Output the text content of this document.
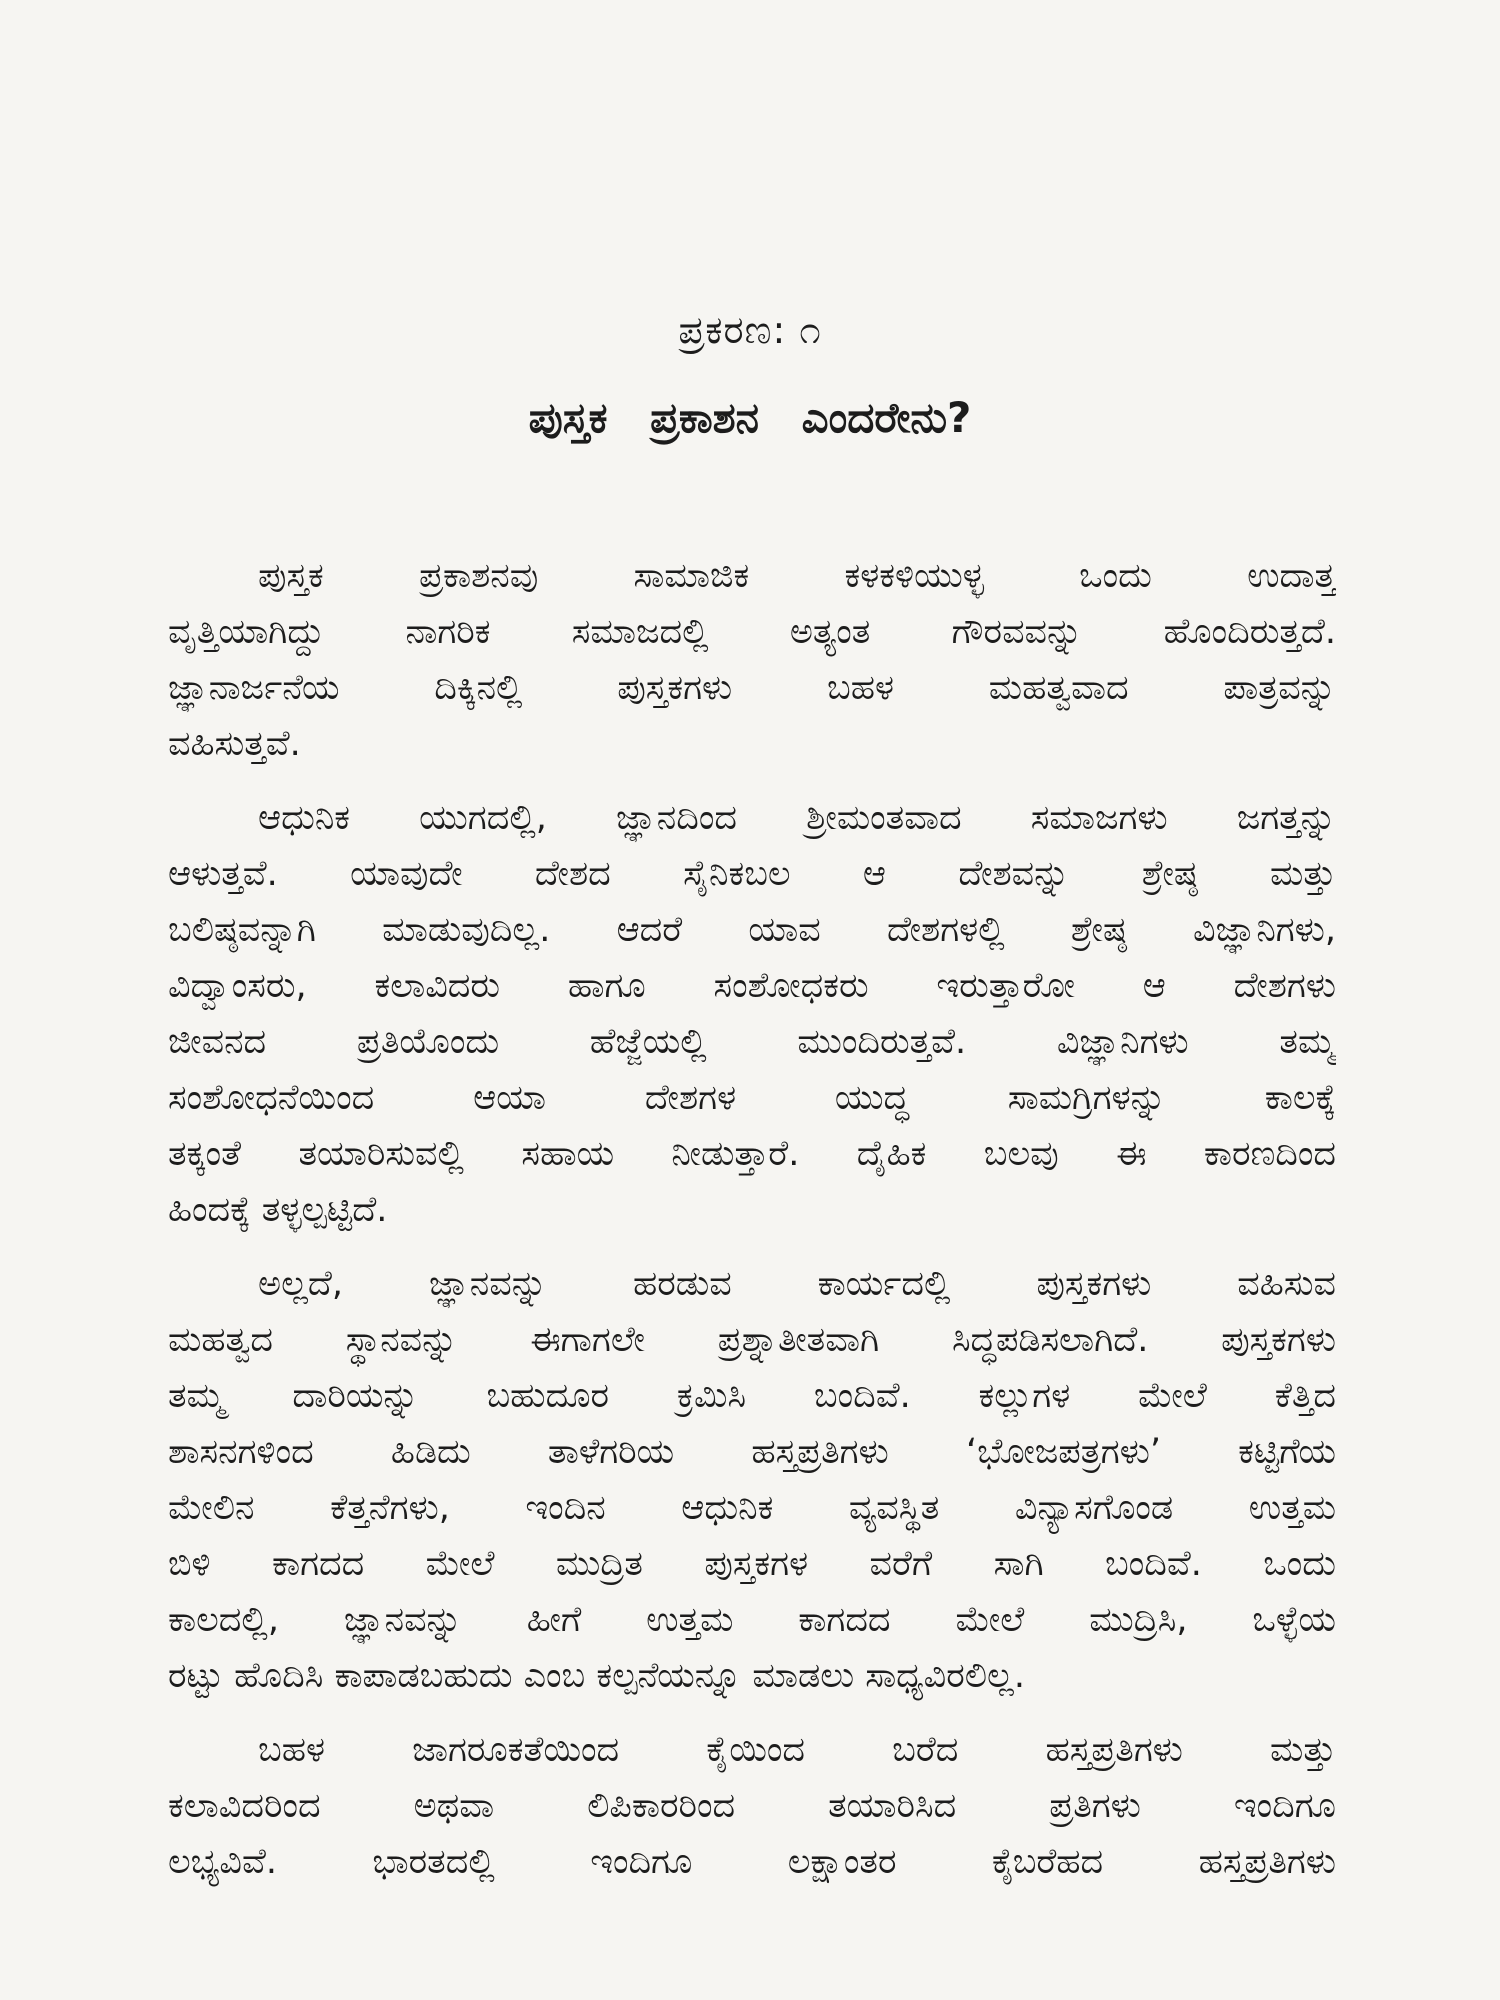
ಪ್ರಕರಣ: ೧
ಪುಸ್ತಕ ಪ್ರಕಾಶನ ಎಂದರೇನು?
ಪುಸ್ತಕ ಪ್ರಕಾಶನವು ಸಾಮಾಜಿಕ ಕಳಕಳಿಯುಳ್ಳ ಒಂದು ಉದಾತ್ತ
ವೃತ್ತಿಯಾಗಿದ್ದು ನಾಗರಿಕ ಸಮಾಜದಲ್ಲಿ ಅತ್ಯಂತ ಗೌರವವನ್ನು ಹೊಂದಿರುತ್ತದೆ.
ಜ್ಞಾನಾರ್ಜನೆಯ ದಿಕ್ಕಿನಲ್ಲಿ ಪುಸ್ತಕಗಳು ಬಹಳ ಮಹತ್ವವಾದ ಪಾತ್ರವನ್ನು
ವಹಿಸುತ್ತವೆ.
ಆಧುನಿಕ ಯುಗದಲ್ಲಿ, ಜ್ಞಾನದಿಂದ ಶ್ರೀಮಂತವಾದ ಸಮಾಜಗಳು ಜಗತ್ತನ್ನು
ಆಳುತ್ತವೆ. ಯಾವುದೇ ದೇಶದ ಸೈನಿಕಬಲ ಆ ದೇಶವನ್ನು ಶ್ರೇಷ್ಠ ಮತ್ತು
ಬಲಿಷ್ಠವನ್ನಾಗಿ ಮಾಡುವುದಿಲ್ಲ. ಆದರೆ ಯಾವ ದೇಶಗಳಲ್ಲಿ ಶ್ರೇಷ್ಠ ವಿಜ್ಞಾನಿಗಳು,
ವಿದ್ವಾಂಸರು, ಕಲಾವಿದರು ಹಾಗೂ ಸಂಶೋಧಕರು ಇರುತ್ತಾರೋ ಆ ದೇಶಗಳು
ಜೀವನದ ಪ್ರತಿಯೊಂದು ಹೆಜ್ಜೆಯಲ್ಲಿ ಮುಂದಿರುತ್ತವೆ. ವಿಜ್ಞಾನಿಗಳು ತಮ್ಮ
ಸಂಶೋಧನೆಯಿಂದ ಆಯಾ ದೇಶಗಳ ಯುದ್ಧ ಸಾಮಗ್ರಿಗಳನ್ನು ಕಾಲಕ್ಕೆ
ತಕ್ಕಂತೆ ತಯಾರಿಸುವಲ್ಲಿ ಸಹಾಯ ನೀಡುತ್ತಾರೆ. ದೈಹಿಕ ಬಲವು ಈ ಕಾರಣದಿಂದ
ಹಿಂದಕ್ಕೆ ತಳ್ಳಲ್ಪಟ್ಟಿದೆ.
ಅಲ್ಲದೆ, ಜ್ಞಾನವನ್ನು ಹರಡುವ ಕಾರ್ಯದಲ್ಲಿ ಪುಸ್ತಕಗಳು ವಹಿಸುವ
ಮಹತ್ವದ ಸ್ಥಾನವನ್ನು ಈಗಾಗಲೇ ಪ್ರಶ್ನಾತೀತವಾಗಿ ಸಿದ್ಧಪಡಿಸಲಾಗಿದೆ. ಪುಸ್ತಕಗಳು
ತಮ್ಮ ದಾರಿಯನ್ನು ಬಹುದೂರ ಕ್ರಮಿಸಿ ಬಂದಿವೆ. ಕಲ್ಲುಗಳ ಮೇಲೆ ಕೆತ್ತಿದ
ಶಾಸನಗಳಿಂದ ಹಿಡಿದು ತಾಳೆಗರಿಯ ಹಸ್ತಪ್ರತಿಗಳು ‘ಭೋಜಪತ್ರಗಳು’ ಕಟ್ಟಿಗೆಯ
ಮೇಲಿನ ಕೆತ್ತನೆಗಳು, ಇಂದಿನ ಆಧುನಿಕ ವ್ಯವಸ್ಥಿತ ವಿನ್ಯಾಸಗೊಂಡ ಉತ್ತಮ
ಬಿಳಿ ಕಾಗದದ ಮೇಲೆ ಮುದ್ರಿತ ಪುಸ್ತಕಗಳ ವರೆಗೆ ಸಾಗಿ ಬಂದಿವೆ. ಒಂದು
ಕಾಲದಲ್ಲಿ, ಜ್ಞಾನವನ್ನು ಹೀಗೆ ಉತ್ತಮ ಕಾಗದದ ಮೇಲೆ ಮುದ್ರಿಸಿ, ಒಳ್ಳೆಯ
ರಟ್ಟು ಹೊದಿಸಿ ಕಾಪಾಡಬಹುದು ಎಂಬ ಕಲ್ಪನೆಯನ್ನೂ ಮಾಡಲು ಸಾಧ್ಯವಿರಲಿಲ್ಲ.
ಬಹಳ ಜಾಗರೂಕತೆಯಿಂದ ಕೈಯಿಂದ ಬರೆದ ಹಸ್ತಪ್ರತಿಗಳು ಮತ್ತು
ಕಲಾವಿದರಿಂದ ಅಥವಾ ಲಿಪಿಕಾರರಿಂದ ತಯಾರಿಸಿದ ಪ್ರತಿಗಳು ಇಂದಿಗೂ
ಲಭ್ಯವಿವೆ. ಭಾರತದಲ್ಲಿ ಇಂದಿಗೂ ಲಕ್ಷಾಂತರ ಕೈಬರೆಹದ ಹಸ್ತಪ್ರತಿಗಳು
